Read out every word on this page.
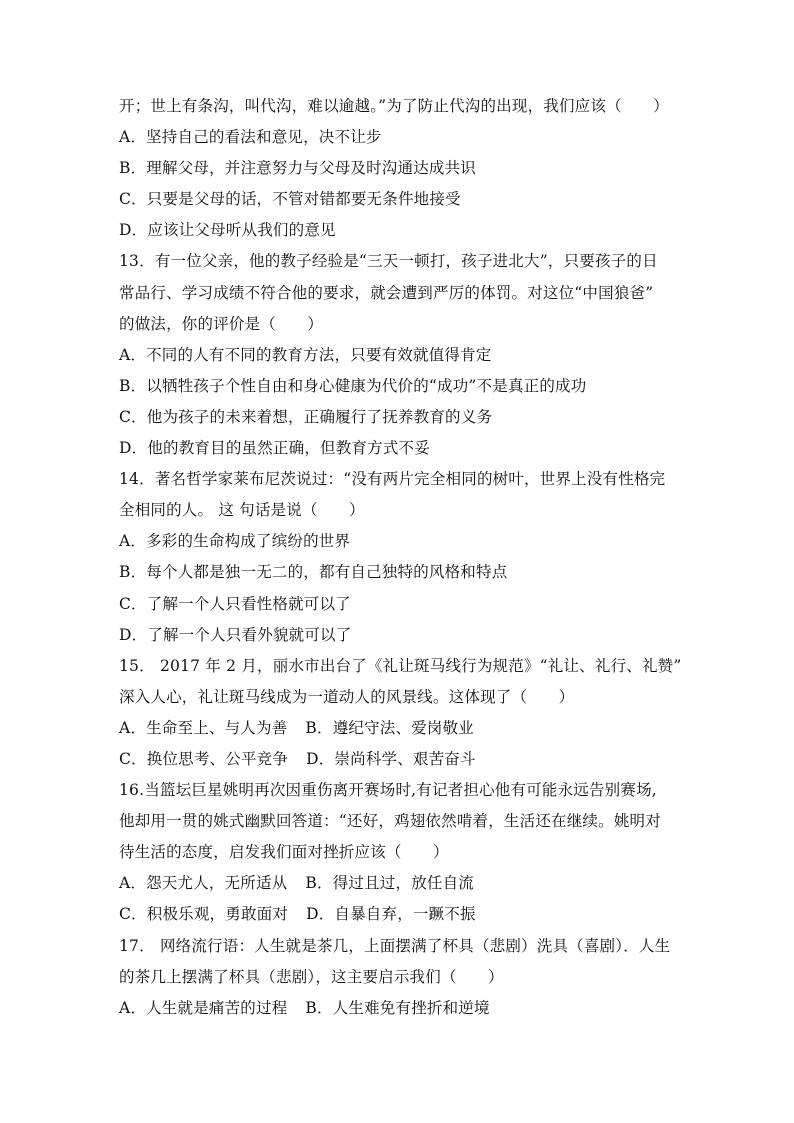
开；世上有条沟，叫代沟，难以逾越。”为了防止代沟的出现，我们应该（　　）
A．坚持自己的看法和意见，决不让步
B．理解父母，并注意努力与父母及时沟通达成共识
C．只要是父母的话，不管对错都要无条件地接受
D．应该让父母听从我们的意见
13．有一位父亲，他的教子经验是“三天一顿打，孩子进北大”，只要孩子的日
常品行、学习成绩不符合他的要求，就会遭到严厉的体罚。对这位“中国狼爸”
的做法，你的评价是（　　）
A．不同的人有不同的教育方法，只要有效就值得肯定
B．以牺牲孩子个性自由和身心健康为代价的“成功”不是真正的成功
C．他为孩子的未来着想，正确履行了抚养教育的义务
D．他的教育目的虽然正确，但教育方式不妥
14．著名哲学家莱布尼茨说过：“没有两片完全相同的树叶，世界上没有性格完
全相同的人。 这 句话是说（　　）
A．多彩的生命构成了缤纷的世界
B．每个人都是独一无二的，都有自己独特的风格和特点
C．了解一个人只看性格就可以了
D．了解一个人只看外貌就可以了
15． 2017 年 2 月，丽水市出台了《礼让斑马线行为规范》“礼让、礼行、礼赞”
深入人心，礼让斑马线成为一道动人的风景线。这体现了（　　）
A．生命至上、与人为善 B．遵纪守法、爱岗敬业
C．换位思考、公平竞争 D．崇尚科学、艰苦奋斗
16.当篮坛巨星姚明再次因重伤离开赛场时,有记者担心他有可能永远告别赛场,
他却用一贯的姚式幽默回答道：“还好，鸡翅依然啃着，生活还在继续。姚明对
待生活的态度，启发我们面对挫折应该（　　）
A．怨天尤人，无所适从 B．得过且过，放任自流
C．积极乐观，勇敢面对 D．自暴自弃，一蹶不振
17． 网络流行语：人生就是茶几，上面摆满了杯具（悲剧）洗具（喜剧）．人生
的茶几上摆满了杯具（悲剧），这主要启示我们（　　）
A．人生就是痛苦的过程 B．人生难免有挫折和逆境
